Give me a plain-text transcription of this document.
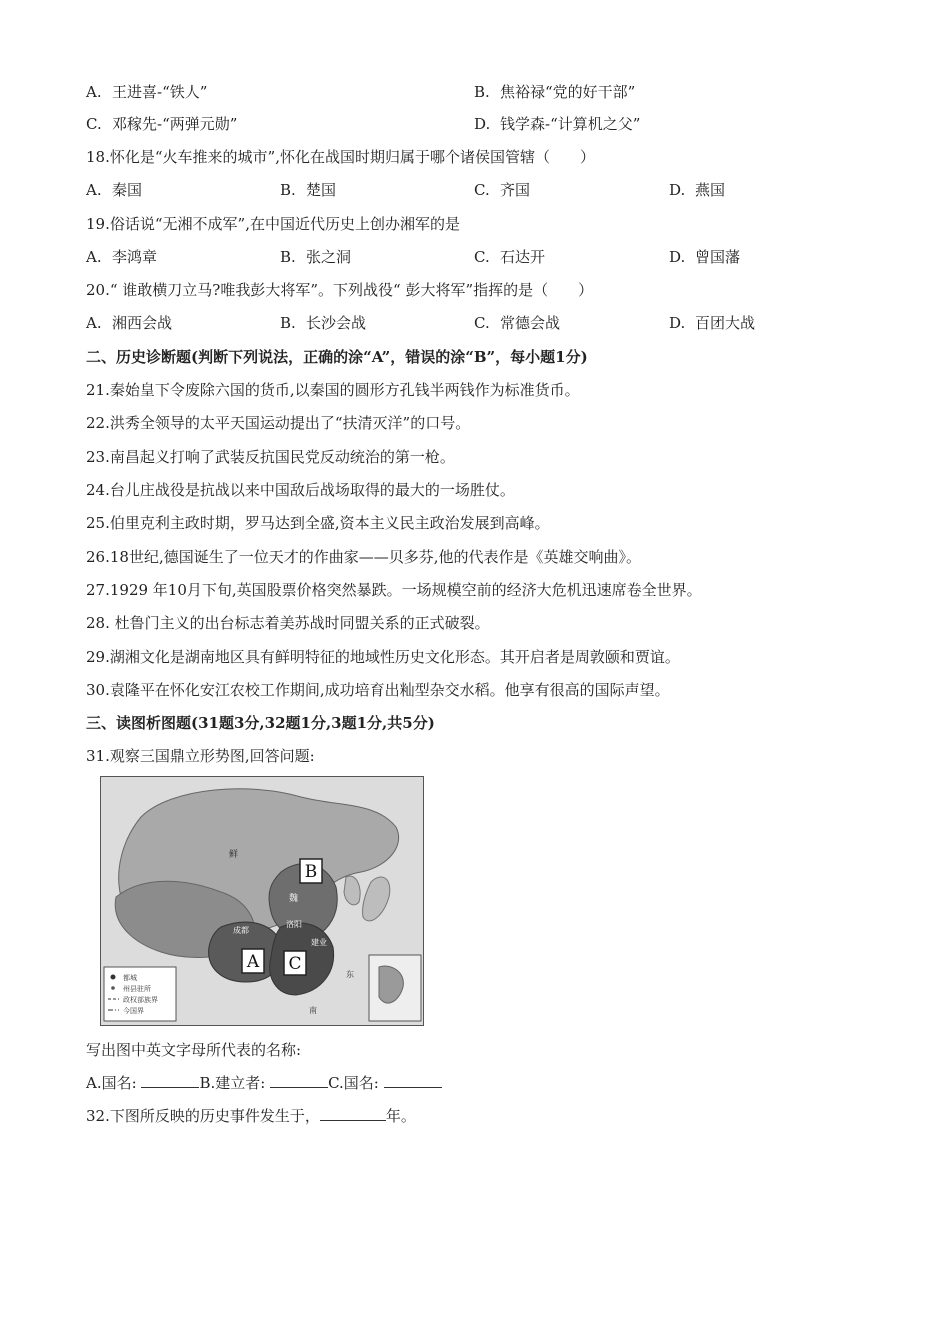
A. 王进喜-“铁人”	B. 焦裕禄“党的好干部”
C. 邓稼先-“两弹元勋”	D. 钱学森-“计算机之父”
18.怀化是“火车推来的城市”,怀化在战国时期归属于哪个诸侯国管辖（　　）
A. 秦国	B. 楚国	C. 齐国	D. 燕国
19.俗话说“无湘不成军”,在中国近代历史上创办湘军的是
A. 李鸿章	B. 张之洞	C. 石达开	D. 曾国藩
20.“ 谁敢横刀立马?唯我彭大将军”。下列战役“ 彭大将军”指挥的是（　　）
A. 湘西会战	B. 长沙会战	C. 常德会战	D. 百团大战
二、历史诊断题(判断下列说法，正确的涂“A”，错误的涂“B”，每小题1分)
21.秦始皇下令废除六国的货币,以秦国的圆形方孔钱半两钱作为标准货币。
22.洪秀全领导的太平天国运动提出了“扶清灭洋”的口号。
23.南昌起义打响了武装反抗国民党反动统治的第一枪。
24.台儿庄战役是抗战以来中国敌后战场取得的最大的一场胜仗。
25.伯里克利主政时期，罗马达到全盛,资本主义民主政治发展到高峰。
26.18世纪,德国诞生了一位天才的作曲家——贝多芬,他的代表作是《英雄交响曲》。
27.1929 年10月下旬,英国股票价格突然暴跌。一场规模空前的经济大危机迅速席卷全世界。
28. 杜鲁门主义的出台标志着美苏战时同盟关系的正式破裂。
29.湖湘文化是湖南地区具有鲜明特征的地域性历史文化形态。其开启者是周敦颐和贾谊。
30.袁隆平在怀化安江农校工作期间,成功培育出籼型杂交水稻。他享有很高的国际声望。
三、读图析图题(31题3分,32题1分,3题1分,共5分)
31.观察三国鼎立形势图,回答问题:
都城
州县驻所
政权部族界
今国界
鲜
魏
成都
洛阳
建业
南
东
B
A C
写出图中英文字母所代表的名称:
A.国名:	B.建立者:	C.国名:
32.下图所反映的历史事件发生于，	年。
